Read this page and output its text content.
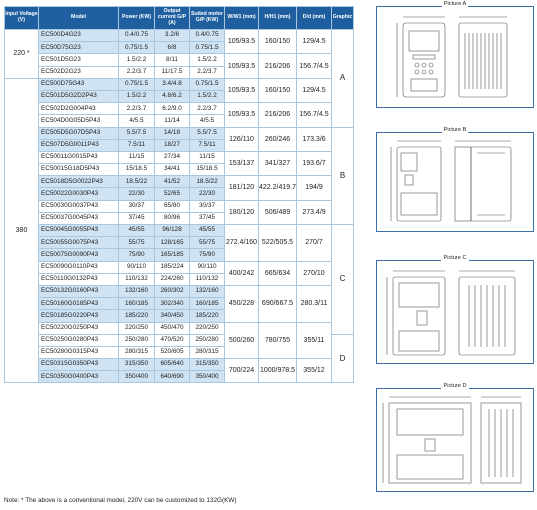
Input Voltage (V)	Model	Power (KW)	Output current G/P (A)	Suited motor G/P (KW)	W/W1 (mm)	H/H1 (mm)	D/d (mm)	Graphic
220 *	EC500D4G23	0.4/0.75	3.2/6	0.4/0.75	105/93.5	160/150	129/4.5	A
	EC50D75G23	0.75/1.5	6/8	0.75/1.5				
	EC501D5G23	1.5/2.2	8/11	1.5/2.2	105/93.5	216/206	156.7/4.5	
	EC502D2G23	2.2/3.7	11/17.5	2.2/3.7				
380	EC500D75G43	0.75/1.5	3.4/4.8	0.75/1.5	105/93.5	160/150	129/4.5	
	EC501D5G2D2P43	1.5/2.2	4.8/6.2	1.5/2.2				
	EC502D2G004P43	2.2/3.7	6.2/9.0	2.2/3.7	105/93.5	216/206	156.7/4.5	
	EC504D0G05D5P43	4/5.5	11/14	4/5.5				
	EC505D5G07D5P43	5.5/7.5	14/18	5.5/7.5	126/110	260/246	173.3/6	B
	EC507D5G0011P43	7.5/11	18/27	7.5/11				
	EC50011G0015P43	11/15	27/34	11/15	153/137	341/327	193.6/7	
	EC50015G18D5P43	15/18.5	34/41	15/18.5				
	EC5018D5G0022P43	18.5/22	41/52	18.5/22	181/120	422.2/419.7	194/9	
	EC50022G0030P43	22/30	52/65	22/30				
	EC50030G0037P43	30/37	65/80	30/37	180/120	506/489	273.4/9	
	EC50037G0045P43	37/45	80/96	37/45				
	EC50045G0055P43	45/55	96/128	45/55	272.4/160	522/505.5	270/7	C
	EC50055G0075P43	55/75	128/165	55/75				
	EC50075G0090P43	75/90	165/185	75/90				
	EC50090G0110P43	90/110	185/224	90/110	400/242	665/634	270/10	
	EC50110G0132P43	110/132	224/260	110/132				
	EC50132G0160P43	132/160	260/302	132/160	450/228	690/667.5	280.3/11	
	EC50160G0185P43	160/185	302/340	160/185				
	EC50185G0220P43	185/220	340/450	185/220				
	EC50220G0250P43	220/250	450/470	220/250	500/260	780/755	355/11	
	EC50250G0280P43	250/280	470/520	250/280				D
	EC50280G0315P43	280/315	520/605	280/315				
	EC50315G0350P43	315/350	605/640	315/350	700/224	1000/978.5	355/12	
	EC50350G0400P43	350/400	640/690	350/400				
Note: * The above is a conventional model, 220V can be customized to 132G(KW)
Picture A
Picture B
Picture C
Picture D
